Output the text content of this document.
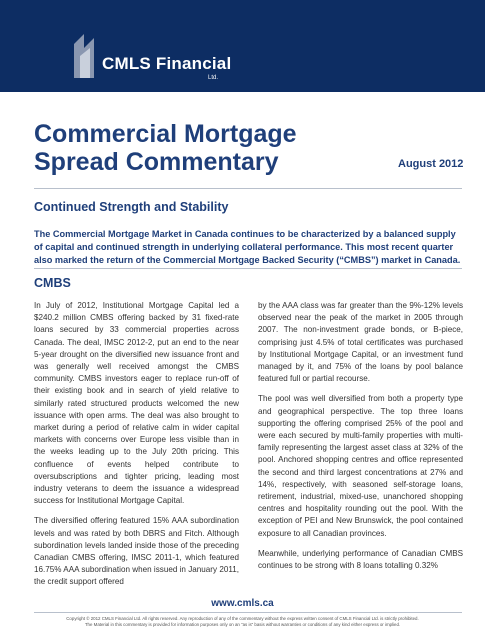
CMLS Financial
Ltd.
Commercial Mortgage Spread Commentary	August 2012
Continued Strength and Stability
The Commercial Mortgage Market in Canada continues to be characterized by a balanced supply of capital and continued strength in underlying collateral performance. This most recent quarter also marked the return of the Commercial Mortgage Backed Security (“CMBS”) market in Canada.
CMBS

In July of 2012, Institutional Mortgage Capital led a $240.2 million CMBS offering backed by 31 fixed-rate loans secured by 33 commercial properties across Canada. The deal, IMSC 2012-2, put an end to the near 5-year drought on the diversified new issuance front and was generally well received amongst the CMBS community. CMBS investors eager to replace run-off of their existing book and in search of yield relative to similarly rated structured products welcomed the new issuance with open arms. The deal was also brought to market during a period of relative calm in wider capital markets with concerns over Europe less visible than in the weeks leading up to the July 20th pricing. This confluence of events helped contribute to oversubscriptions and tighter pricing, leading most industry veterans to deem the issuance a widespread success for Institutional Mortgage Capital.

The diversified offering featured 15% AAA subordination levels and was rated by both DBRS and Fitch. Although subordination levels landed inside those of the preceding Canadian CMBS offering, IMSC 2011-1, which featured 16.75% AAA subordination when issued in January 2011, the credit support offered

by the AAA class was far greater than the 9%-12% levels observed near the peak of the market in 2005 through 2007. The non-investment grade bonds, or B-piece, comprising just 4.5% of total certificates was purchased by Institutional Mortgage Capital, or an investment fund managed by it, and 75% of the loans by pool balance featured full or partial recourse.

The pool was well diversified from both a property type and geographical perspective. The top three loans supporting the offering comprised 25% of the pool and were each secured by multi-family properties with multi-family representing the largest asset class at 32% of the pool. Anchored shopping centres and office represented the second and third largest concentrations at 27% and 14%, respectively, with seasoned self-storage loans, retirement, industrial, mixed-use, unanchored shopping centres and hospitality rounding out the pool. With the exception of PEI and New Brunswick, the pool contained exposure to all Canadian provinces.

Meanwhile, underlying performance of Canadian CMBS continues to be strong with 8 loans totalling 0.32%

www.cmls.ca
Copyright © 2012 CMLS Financial Ltd. All rights reserved. Any reproduction of any of the commentary without the express written consent of CMLS Financial Ltd. is strictly prohibited.
The Material in this commentary is provided for information purposes only on an "as is" basis without warranties or conditions of any kind either express or implied.
